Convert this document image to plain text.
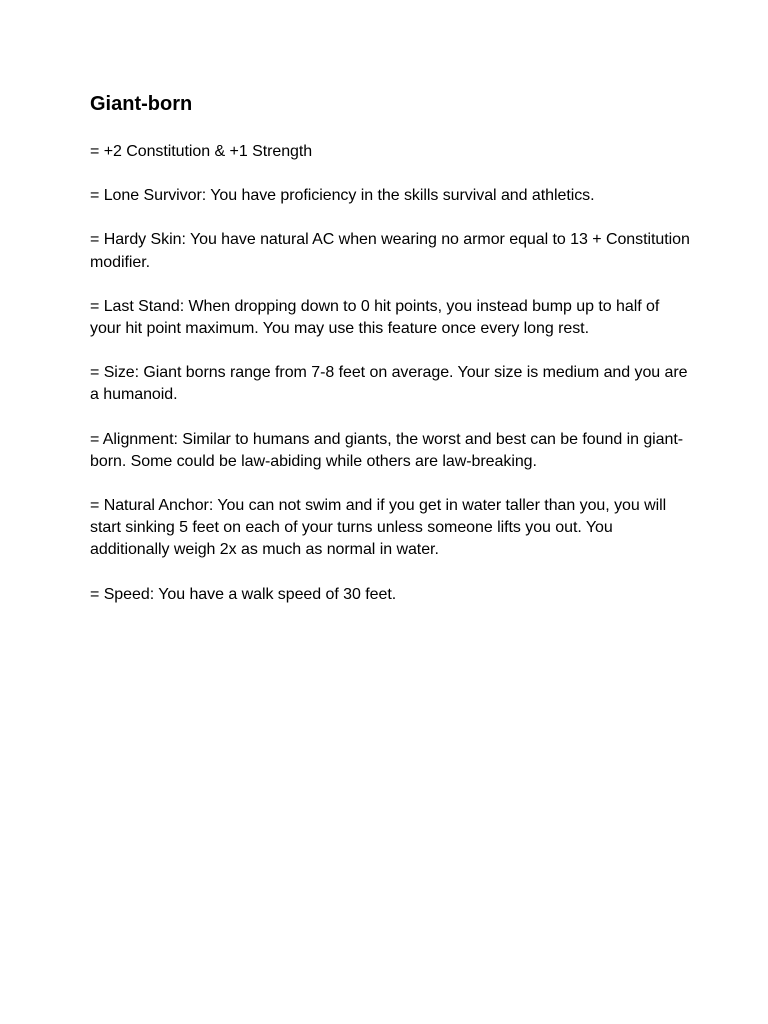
Giant-born

= +2 Constitution & +1 Strength

= Lone Survivor: You have proficiency in the skills survival and athletics.

= Hardy Skin: You have natural AC when wearing no armor equal to 13 + Constitution modifier.

= Last Stand: When dropping down to 0 hit points, you instead bump up to half of your hit point maximum. You may use this feature once every long rest.

= Size: Giant borns range from 7-8 feet on average. Your size is medium and you are a humanoid.

= Alignment: Similar to humans and giants, the worst and best can be found in giant-born. Some could be law-abiding while others are law-breaking.

= Natural Anchor: You can not swim and if you get in water taller than you, you will start sinking 5 feet on each of your turns unless someone lifts you out. You additionally weigh 2x as much as normal in water.

= Speed: You have a walk speed of 30 feet.
